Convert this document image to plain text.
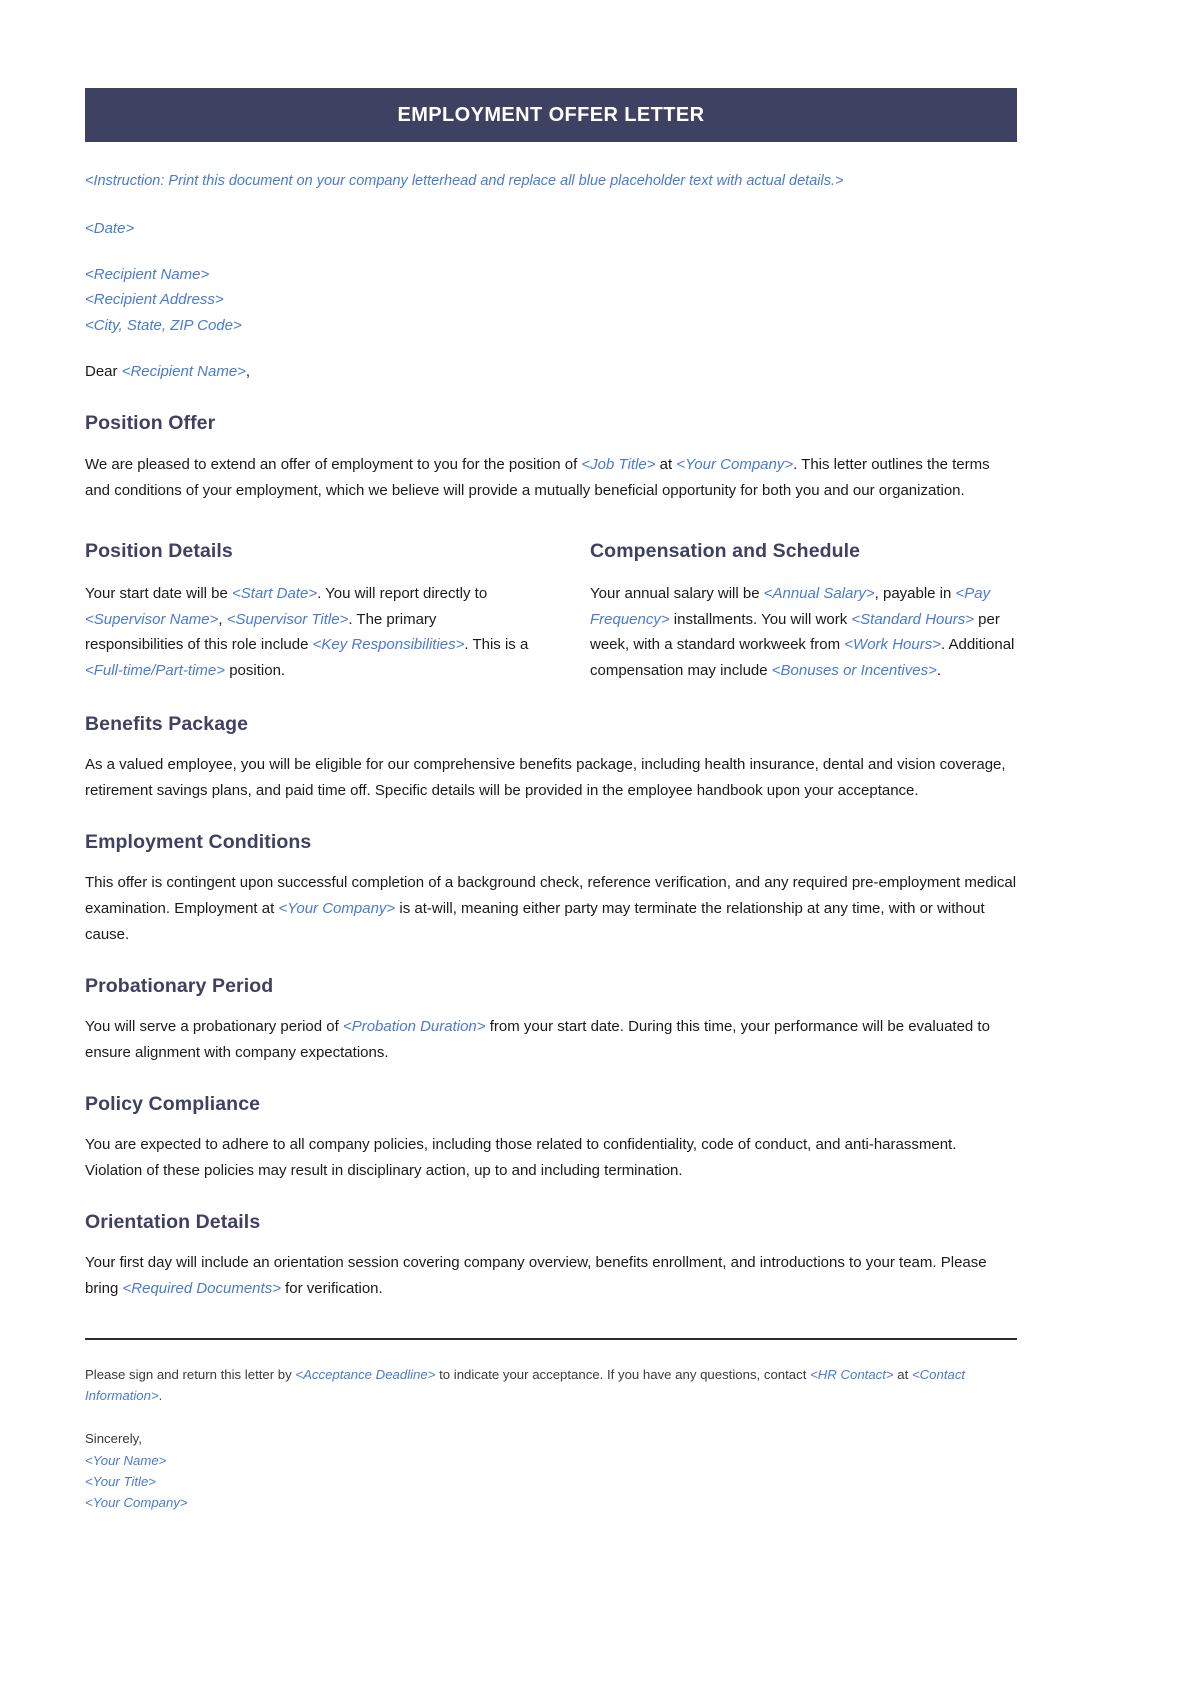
EMPLOYMENT OFFER LETTER

<Instruction: Print this document on your company letterhead and replace all blue placeholder text with actual details.>

<Date>

<Recipient Name>
<Recipient Address>
<City, State, ZIP Code>

Dear <Recipient Name>,

Position Offer

We are pleased to extend an offer of employment to you for the position of <Job Title> at <Your Company>. This letter outlines the terms and conditions of your employment, which we believe will provide a mutually beneficial opportunity for both you and our organization.

Position Details

Your start date will be <Start Date>. You will report directly to <Supervisor Name>, <Supervisor Title>. The primary responsibilities of this role include <Key Responsibilities>. This is a <Full-time/Part-time> position.

Compensation and Schedule

Your annual salary will be <Annual Salary>, payable in <Pay Frequency> installments. You will work <Standard Hours> per week, with a standard workweek from <Work Hours>. Additional compensation may include <Bonuses or Incentives>.

Benefits Package

As a valued employee, you will be eligible for our comprehensive benefits package, including health insurance, dental and vision coverage, retirement savings plans, and paid time off. Specific details will be provided in the employee handbook upon your acceptance.

Employment Conditions

This offer is contingent upon successful completion of a background check, reference verification, and any required pre-employment medical examination. Employment at <Your Company> is at-will, meaning either party may terminate the relationship at any time, with or without cause.

Probationary Period

You will serve a probationary period of <Probation Duration> from your start date. During this time, your performance will be evaluated to ensure alignment with company expectations.

Policy Compliance

You are expected to adhere to all company policies, including those related to confidentiality, code of conduct, and anti-harassment. Violation of these policies may result in disciplinary action, up to and including termination.

Orientation Details

Your first day will include an orientation session covering company overview, benefits enrollment, and introductions to your team. Please bring <Required Documents> for verification.

Please sign and return this letter by <Acceptance Deadline> to indicate your acceptance. If you have any questions, contact <HR Contact> at <Contact Information>.

Sincerely,
<Your Name>
<Your Title>
<Your Company>
